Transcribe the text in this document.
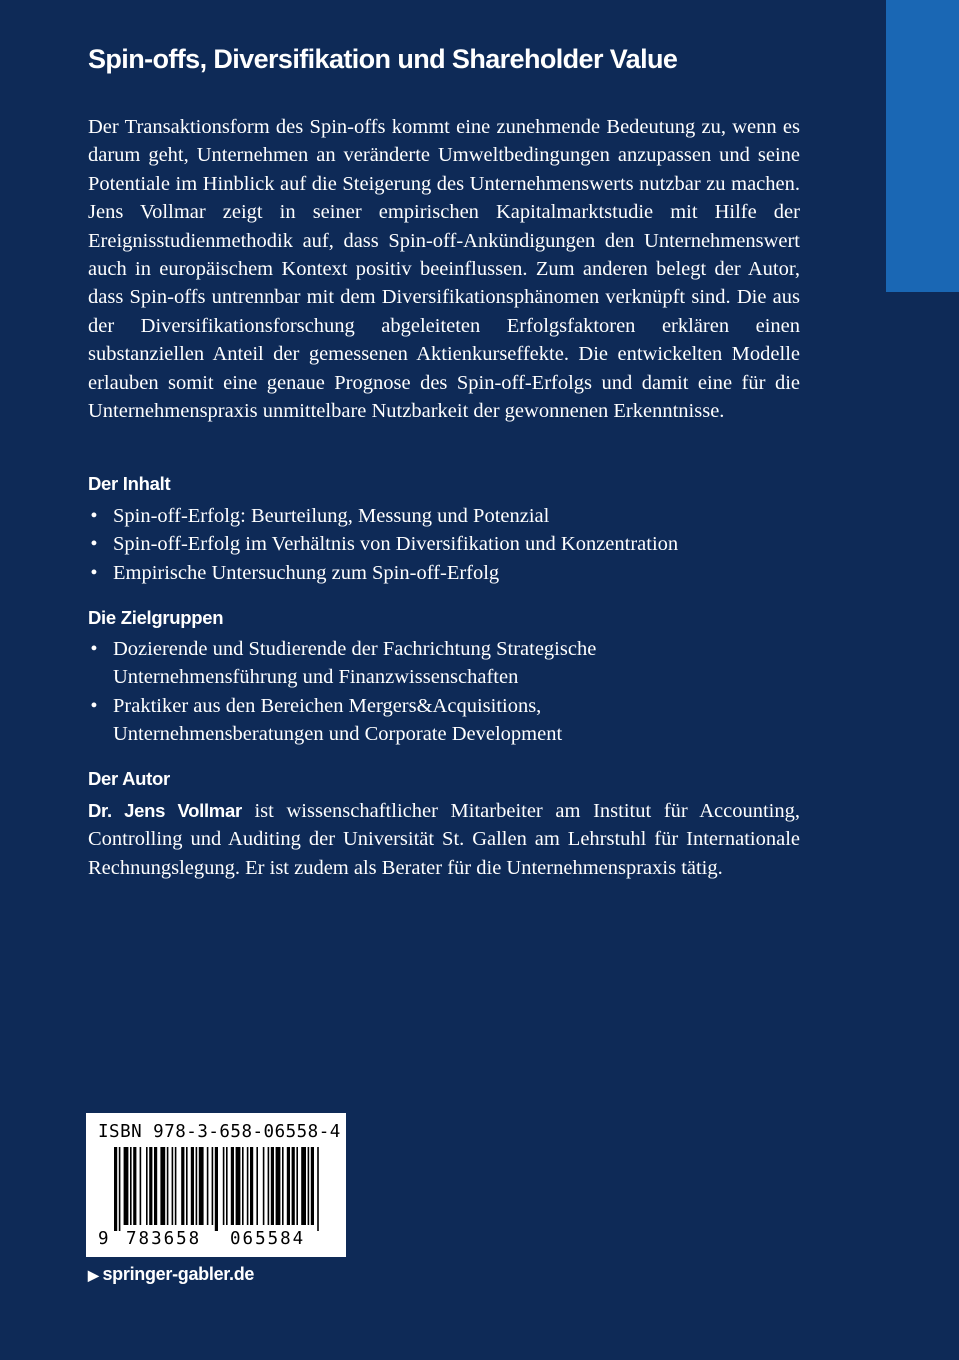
Spin-offs, Diversifikation und Shareholder Value

Der Transaktionsform des Spin-offs kommt eine zunehmende Bedeutung zu, wenn es darum geht, Unternehmen an veränderte Umweltbedingungen anzupassen und seine Potentiale im Hinblick auf die Steigerung des Unternehmenswerts nutzbar zu machen. Jens Vollmar zeigt in seiner empirischen Kapitalmarktstudie mit Hilfe der Ereignisstudienmethodik auf, dass Spin-off-Ankündigungen den Unternehmenswert auch in europäischem Kontext positiv beeinflussen. Zum anderen belegt der Autor, dass Spin-offs untrennbar mit dem Diversifikationsphänomen verknüpft sind. Die aus der Diversifikationsforschung abgeleiteten Erfolgsfaktoren erklären einen substanziellen Anteil der gemessenen Aktienkurseffekte. Die entwickelten Modelle erlauben somit eine genaue Prognose des Spin-off-Erfolgs und damit eine für die Unternehmenspraxis unmittelbare Nutzbarkeit der gewonnenen Erkenntnisse.

Der Inhalt
• Spin-off-Erfolg: Beurteilung, Messung und Potenzial
• Spin-off-Erfolg im Verhältnis von Diversifikation und Konzentration
• Empirische Untersuchung zum Spin-off-Erfolg
Die Zielgruppen
• Dozierende und Studierende der Fachrichtung Strategische Unternehmensführung und Finanzwissenschaften
• Praktiker aus den Bereichen Mergers&Acquisitions, Unternehmensberatungen und Corporate Development
Der Autor

Dr. Jens Vollmar ist wissenschaftlicher Mitarbeiter am Institut für Accounting, Controlling und Auditing der Universität St. Gallen am Lehrstuhl für Internationale Rechnungslegung. Er ist zudem als Berater für die Unternehmenspraxis tätig.

ISBN 978-3-658-06558-4
9 783658 065584
▶ springer-gabler.de
